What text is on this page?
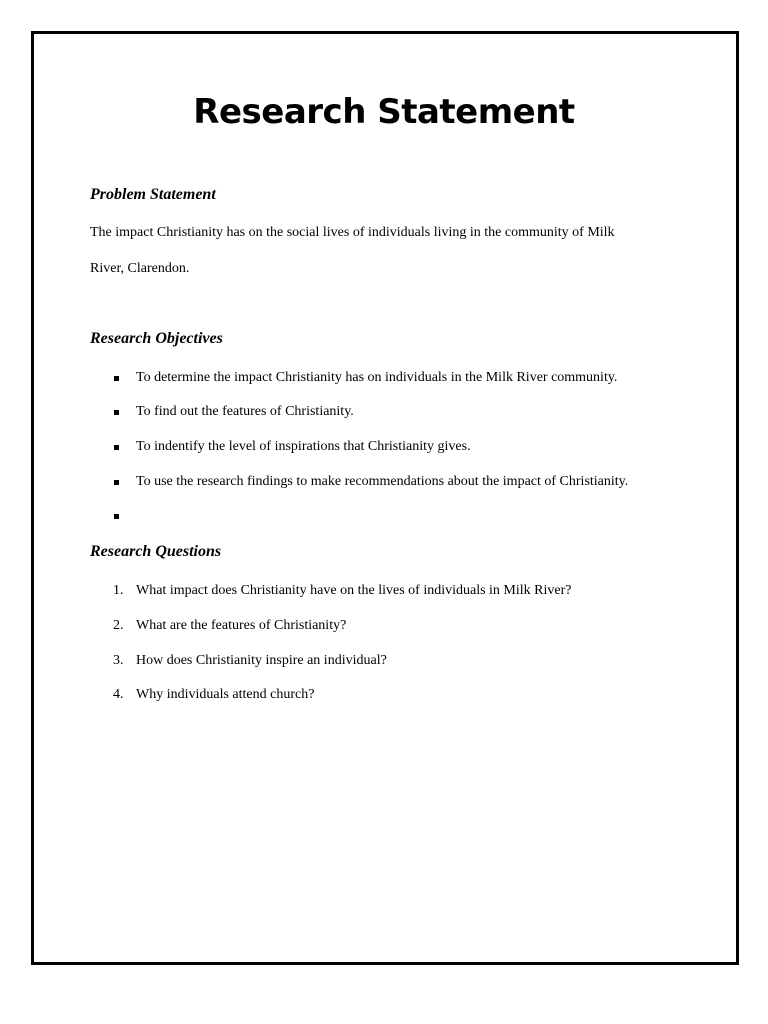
Research Statement

Problem Statement

The impact Christianity has on the social lives of individuals living in the community of Milk

River, Clarendon.

Research Objectives

To determine the impact Christianity has on individuals in the Milk River community.
To find out the features of Christianity.
To indentify the level of inspirations that Christianity gives.
To use the research findings to make recommendations about the impact of Christianity.

Research Questions

1. What impact does Christianity have on the lives of individuals in Milk River?
2. What are the features of Christianity?
3. How does Christianity inspire an individual?
4. Why individuals attend church?
